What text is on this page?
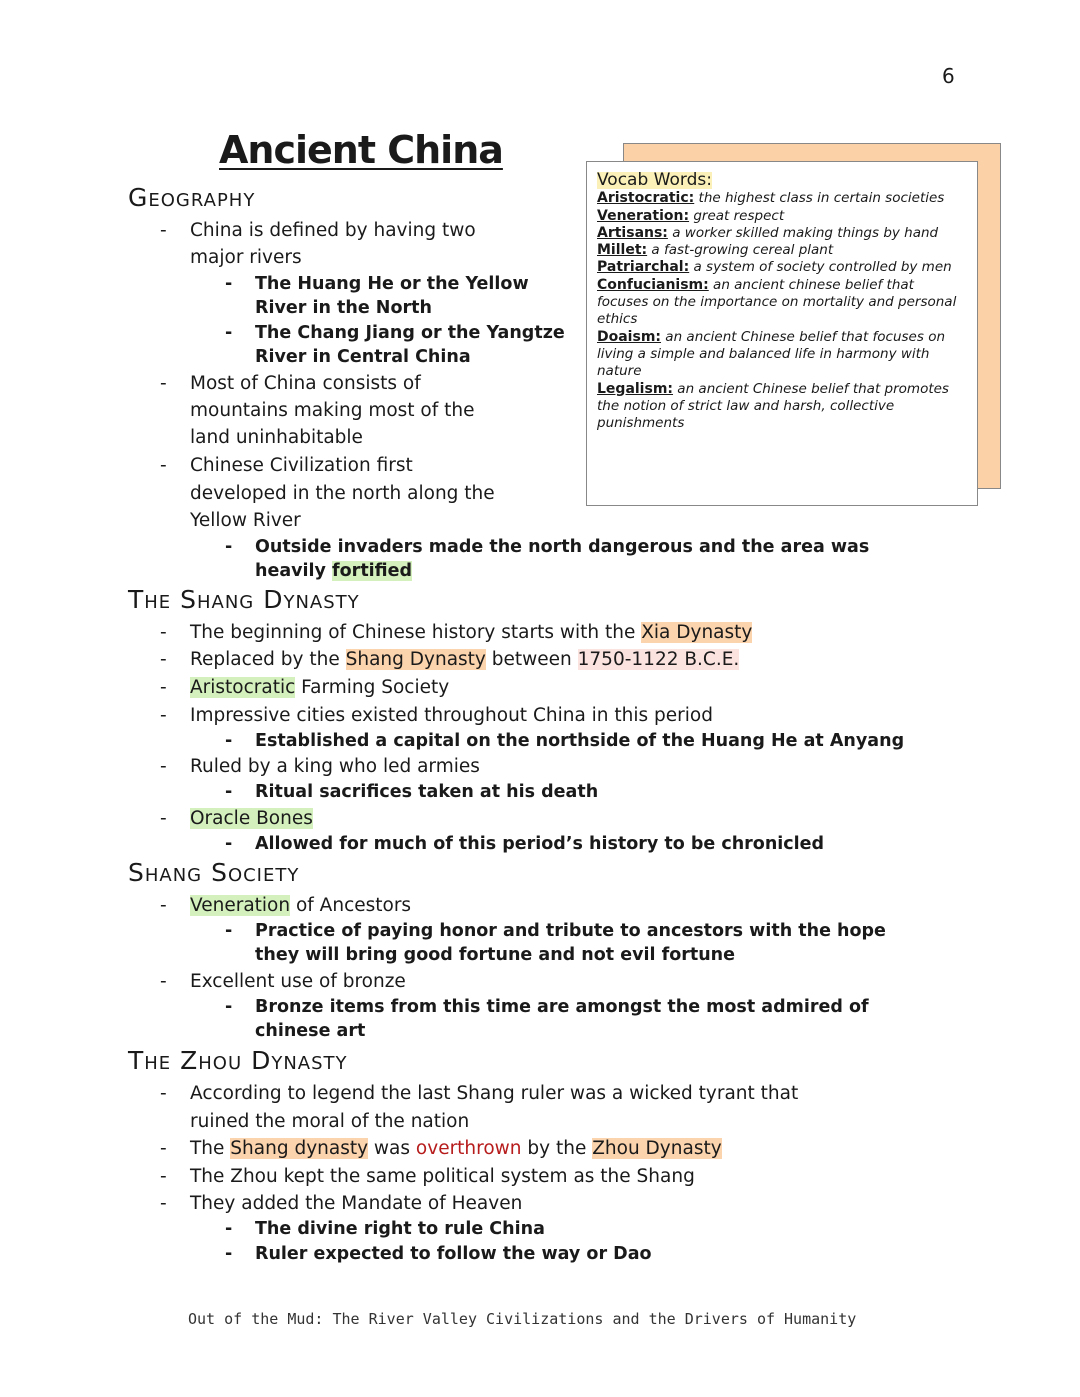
6
Ancient China
Vocab Words:
Aristocratic: the highest class in certain societies
Veneration: great respect
Artisans: a worker skilled making things by hand
Millet: a fast-growing cereal plant
Patriarchal: a system of society controlled by men
Confucianism: an ancient chinese belief that focuses on the importance on mortality and personal ethics
Doaism: an ancient Chinese belief that focuses on living a simple and balanced life in harmony with nature
Legalism: an ancient Chinese belief that promotes the notion of strict law and harsh, collective punishments
Geography
- China is defined by having two
major rivers
- The Huang He or the Yellow
River in the North
- The Chang Jiang or the Yangtze
River in Central China
- Most of China consists of
mountains making most of the
land uninhabitable
- Chinese Civilization first
developed in the north along the
Yellow River
- Outside invaders made the north dangerous and the area was
heavily fortified
The Shang Dynasty
- The beginning of Chinese history starts with the Xia Dynasty
- Replaced by the Shang Dynasty between 1750-1122 B.C.E.
- Aristocratic Farming Society
- Impressive cities existed throughout China in this period
- Established a capital on the northside of the Huang He at Anyang
- Ruled by a king who led armies
- Ritual sacrifices taken at his death
- Oracle Bones
- Allowed for much of this period’s history to be chronicled
Shang Society
- Veneration of Ancestors
- Practice of paying honor and tribute to ancestors with the hope
they will bring good fortune and not evil fortune
- Excellent use of bronze
- Bronze items from this time are amongst the most admired of
chinese art
The Zhou Dynasty
- According to legend the last Shang ruler was a wicked tyrant that
ruined the moral of the nation
- The Shang dynasty was overthrown by the Zhou Dynasty
- The Zhou kept the same political system as the Shang
- They added the Mandate of Heaven
- The divine right to rule China
- Ruler expected to follow the way or Dao
Out of the Mud: The River Valley Civilizations and the Drivers of Humanity
